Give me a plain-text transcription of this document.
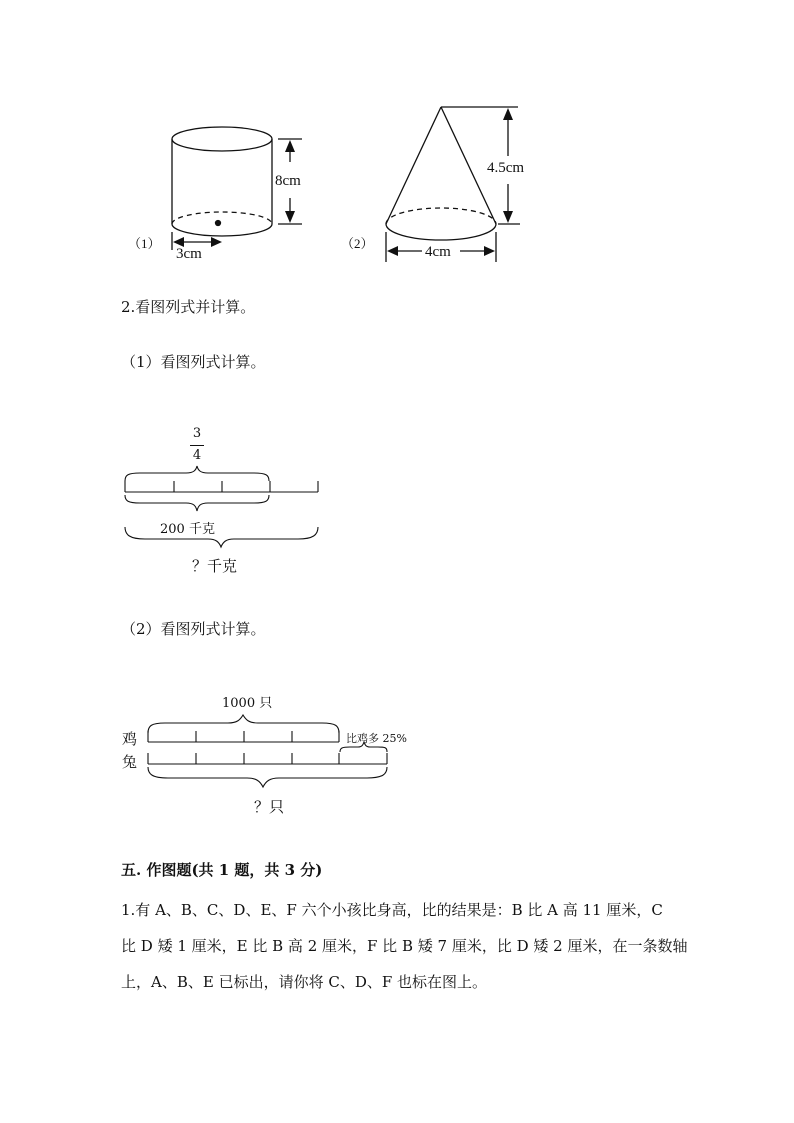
（1）
8cm
3cm
（2）
4.5cm
4cm
2.看图列式并计算。
（1）看图列式计算。
3
4
200 千克
？千克
（2）看图列式计算。
1000 只
鸡
兔
比鸡多 25%
？只
五. 作图题(共 1 题，共 3 分)
1.有 A、B、C、D、E、F 六个小孩比身高，比的结果是：B 比 A 高 11 厘米，C
比 D 矮 1 厘米，E 比 B 高 2 厘米，F 比 B 矮 7 厘米，比 D 矮 2 厘米，在一条数轴
上，A、B、E 已标出，请你将 C、D、F 也标在图上。
